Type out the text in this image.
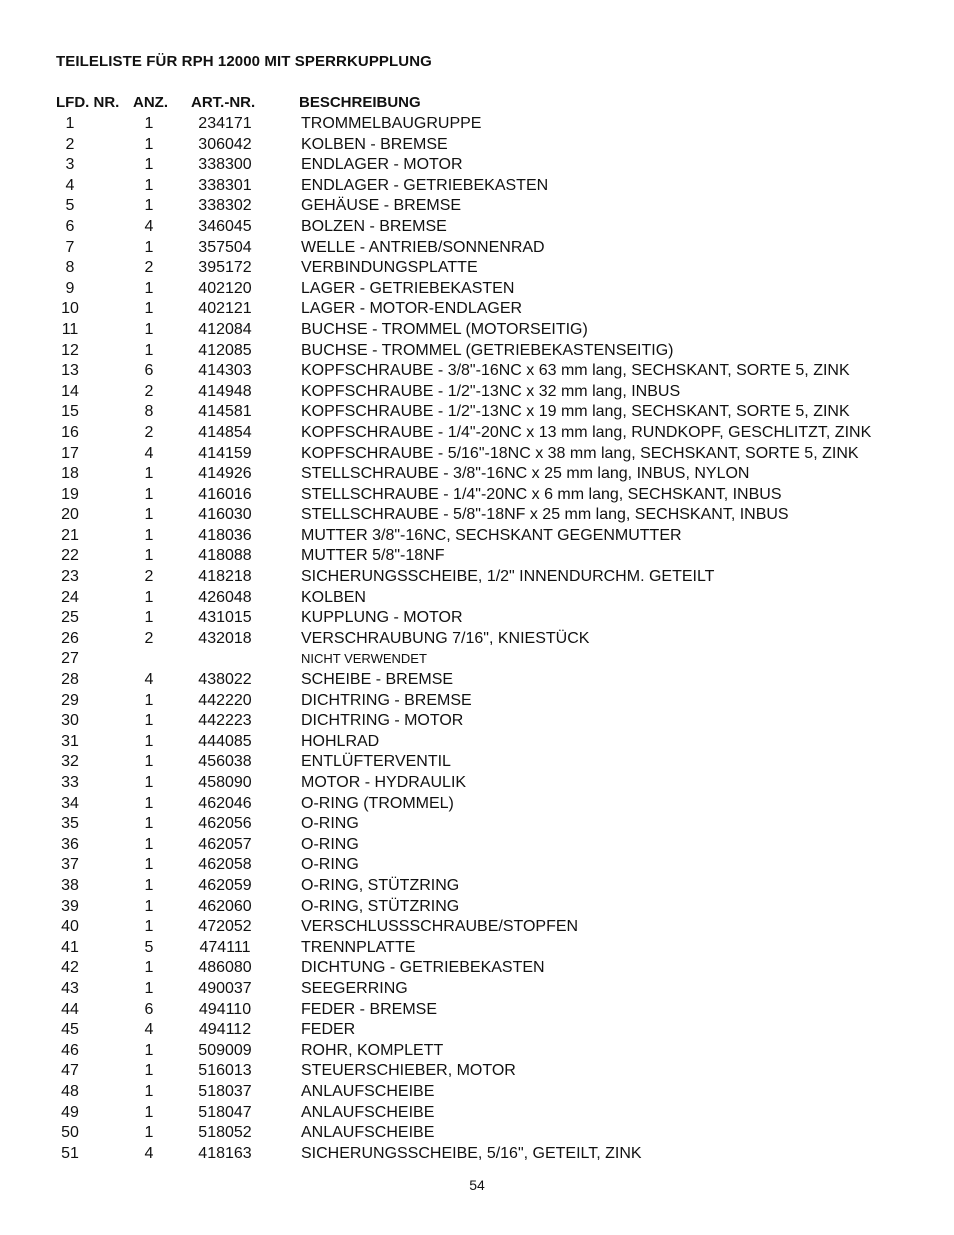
TEILELISTE FÜR RPH 12000 MIT SPERRKUPPLUNG
LFD. NR. ANZ. ART.-NR.	BESCHREIBUNG
1	1	234171	TROMMELBAUGRUPPE
2	1	306042	KOLBEN - BREMSE
3	1	338300	ENDLAGER - MOTOR
4	1	338301	ENDLAGER - GETRIEBEKASTEN
5	1	338302	GEHÄUSE - BREMSE
6	4	346045	BOLZEN - BREMSE
7	1	357504	WELLE - ANTRIEB/SONNENRAD
8	2	395172	VERBINDUNGSPLATTE
9	1	402120	LAGER - GETRIEBEKASTEN
10	1	402121	LAGER - MOTOR-ENDLAGER
11	1	412084	BUCHSE - TROMMEL (MOTORSEITIG)
12	1	412085	BUCHSE - TROMMEL (GETRIEBEKASTENSEITIG)
13	6	414303	KOPFSCHRAUBE - 3/8"-16NC x 63 mm lang, SECHSKANT, SORTE 5, ZINK
14	2	414948	KOPFSCHRAUBE - 1/2"-13NC x 32 mm lang, INBUS
15	8	414581	KOPFSCHRAUBE - 1/2"-13NC x 19 mm lang, SECHSKANT, SORTE 5, ZINK
16	2	414854	KOPFSCHRAUBE - 1/4"-20NC x 13 mm lang, RUNDKOPF, GESCHLITZT, ZINK
17	4	414159	KOPFSCHRAUBE - 5/16"-18NC x 38 mm lang, SECHSKANT, SORTE 5, ZINK
18	1	414926	STELLSCHRAUBE - 3/8"-16NC x 25 mm lang, INBUS, NYLON
19	1	416016	STELLSCHRAUBE - 1/4"-20NC x 6 mm lang, SECHSKANT, INBUS
20	1	416030	STELLSCHRAUBE - 5/8"-18NF x 25 mm lang, SECHSKANT, INBUS
21	1	418036	MUTTER 3/8"-16NC, SECHSKANT GEGENMUTTER
22	1	418088	MUTTER 5/8"-18NF
23	2	418218	SICHERUNGSSCHEIBE, 1/2" INNENDURCHM. GETEILT
24	1	426048	KOLBEN
25	1	431015	KUPPLUNG - MOTOR
26	2	432018	VERSCHRAUBUNG 7/16", KNIESTÜCK
27	NICHT VERWENDET
28	4	438022	SCHEIBE - BREMSE
29	1	442220	DICHTRING - BREMSE
30	1	442223	DICHTRING - MOTOR
31	1	444085	HOHLRAD
32	1	456038	ENTLÜFTERVENTIL
33	1	458090	MOTOR - HYDRAULIK
34	1	462046	O-RING (TROMMEL)
35	1	462056	O-RING
36	1	462057	O-RING
37	1	462058	O-RING
38	1	462059	O-RING, STÜTZRING
39	1	462060	O-RING, STÜTZRING
40	1	472052	VERSCHLUSSSCHRAUBE/STOPFEN
41	5	474111	TRENNPLATTE
42	1	486080	DICHTUNG - GETRIEBEKASTEN
43	1	490037	SEEGERRING
44	6	494110	FEDER - BREMSE
45	4	494112	FEDER
46	1	509009	ROHR, KOMPLETT
47	1	516013	STEUERSCHIEBER, MOTOR
48	1	518037	ANLAUFSCHEIBE
49	1	518047	ANLAUFSCHEIBE
50	1	518052	ANLAUFSCHEIBE
51	4	418163	SICHERUNGSSCHEIBE, 5/16", GETEILT, ZINK
54
